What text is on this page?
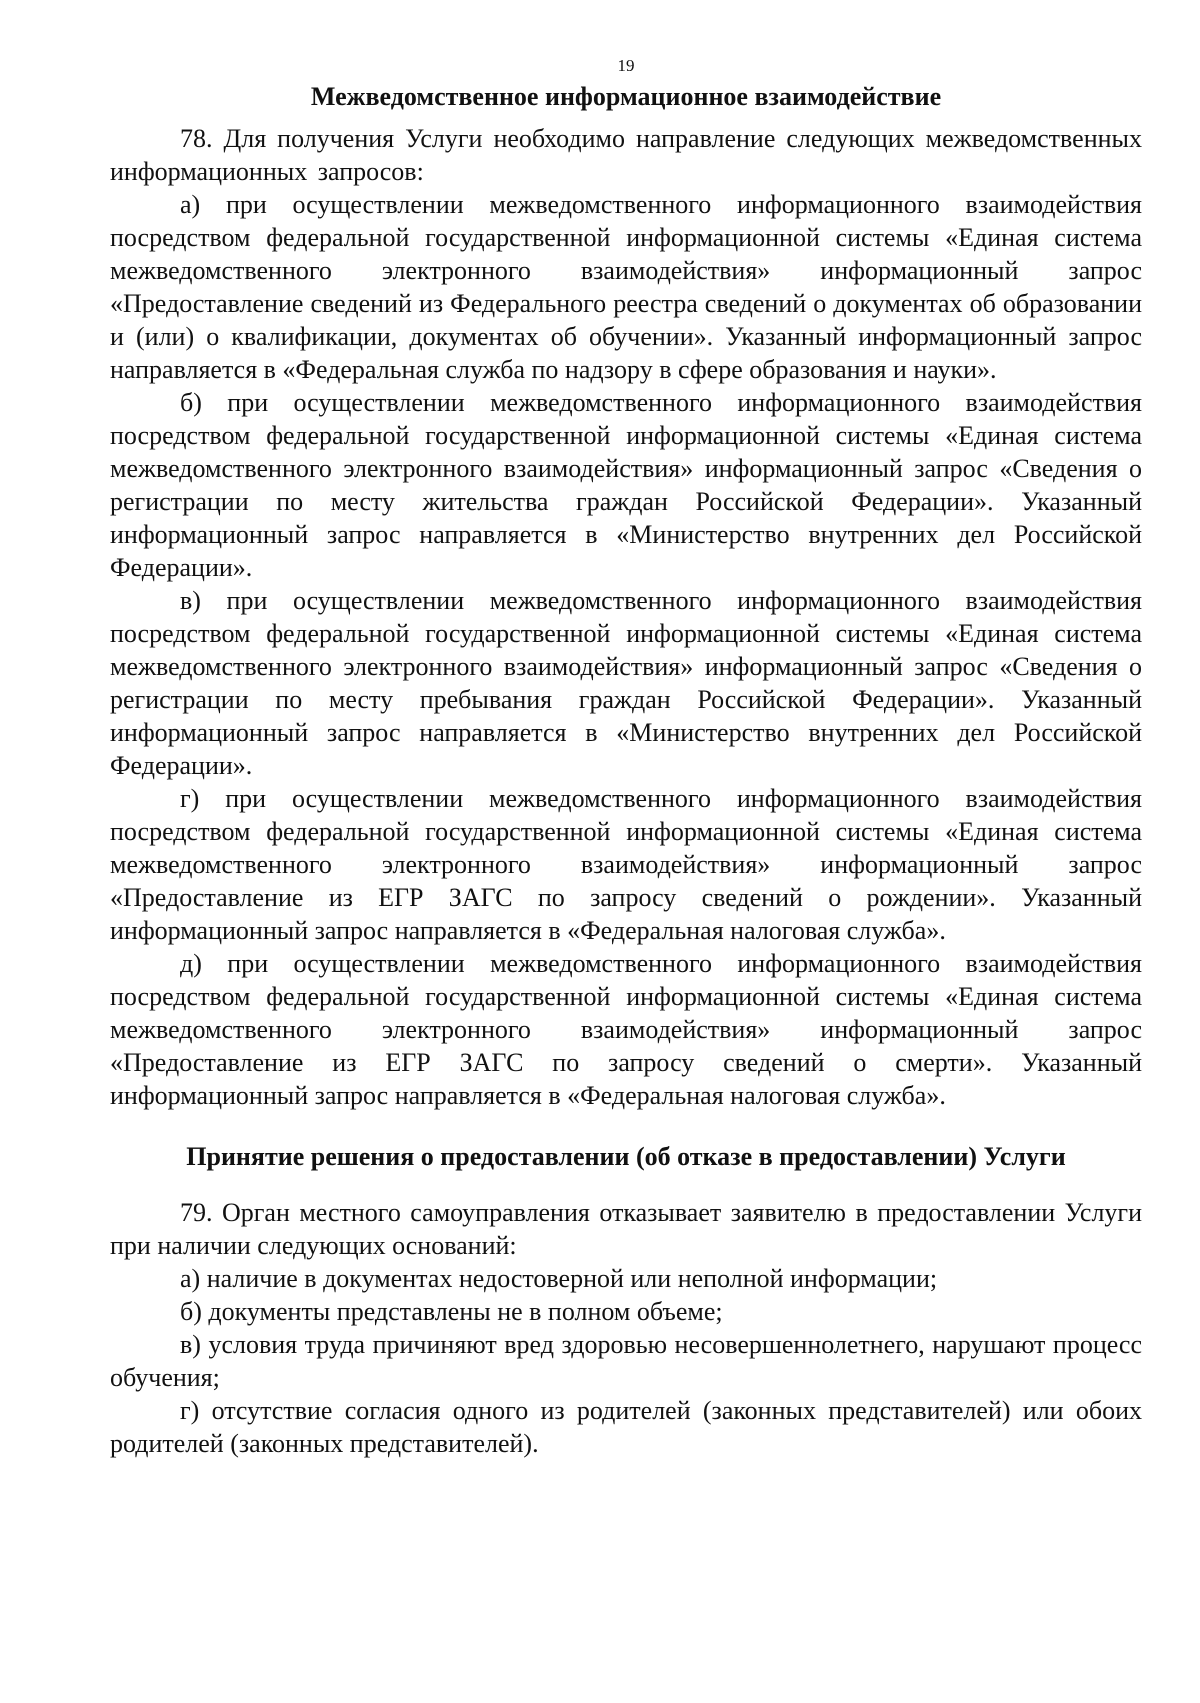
19
Межведомственное информационное взаимодействие

78. Для получения Услуги необходимо направление следующих межведомственных информационных запросов:

а) при осуществлении межведомственного информационного взаимодействия посредством федеральной государственной информационной системы «Единая система межведомственного электронного взаимодействия» информационный запрос «Предоставление сведений из Федерального реестра сведений о документах об образовании и (или) о квалификации, документах об обучении». Указанный информационный запрос направляется в «Федеральная служба по надзору в сфере образования и науки».

б) при осуществлении межведомственного информационного взаимодействия посредством федеральной государственной информационной системы «Единая система межведомственного электронного взаимодействия» информационный запрос «Сведения о регистрации по месту жительства граждан Российской Федерации». Указанный информационный запрос направляется в «Министерство внутренних дел Российской Федерации».

в) при осуществлении межведомственного информационного взаимодействия посредством федеральной государственной информационной системы «Единая система межведомственного электронного взаимодействия» информационный запрос «Сведения о регистрации по месту пребывания граждан Российской Федерации». Указанный информационный запрос направляется в «Министерство внутренних дел Российской Федерации».

г) при осуществлении межведомственного информационного взаимодействия посредством федеральной государственной информационной системы «Единая система межведомственного электронного взаимодействия» информационный запрос «Предоставление из ЕГР ЗАГС по запросу сведений о рождении». Указанный информационный запрос направляется в «Федеральная налоговая служба».

д) при осуществлении межведомственного информационного взаимодействия посредством федеральной государственной информационной системы «Единая система межведомственного электронного взаимодействия» информационный запрос «Предоставление из ЕГР ЗАГС по запросу сведений о смерти». Указанный информационный запрос направляется в «Федеральная налоговая служба».

Принятие решения о предоставлении (об отказе в предоставлении) Услуги

79. Орган местного самоуправления отказывает заявителю в предоставлении Услуги при наличии следующих оснований:

а) наличие в документах недостоверной или неполной информации;

б) документы представлены не в полном объеме;

в) условия труда причиняют вред здоровью несовершеннолетнего, нарушают процесс обучения;

г) отсутствие согласия одного из родителей (законных представителей) или обоих родителей (законных представителей).
